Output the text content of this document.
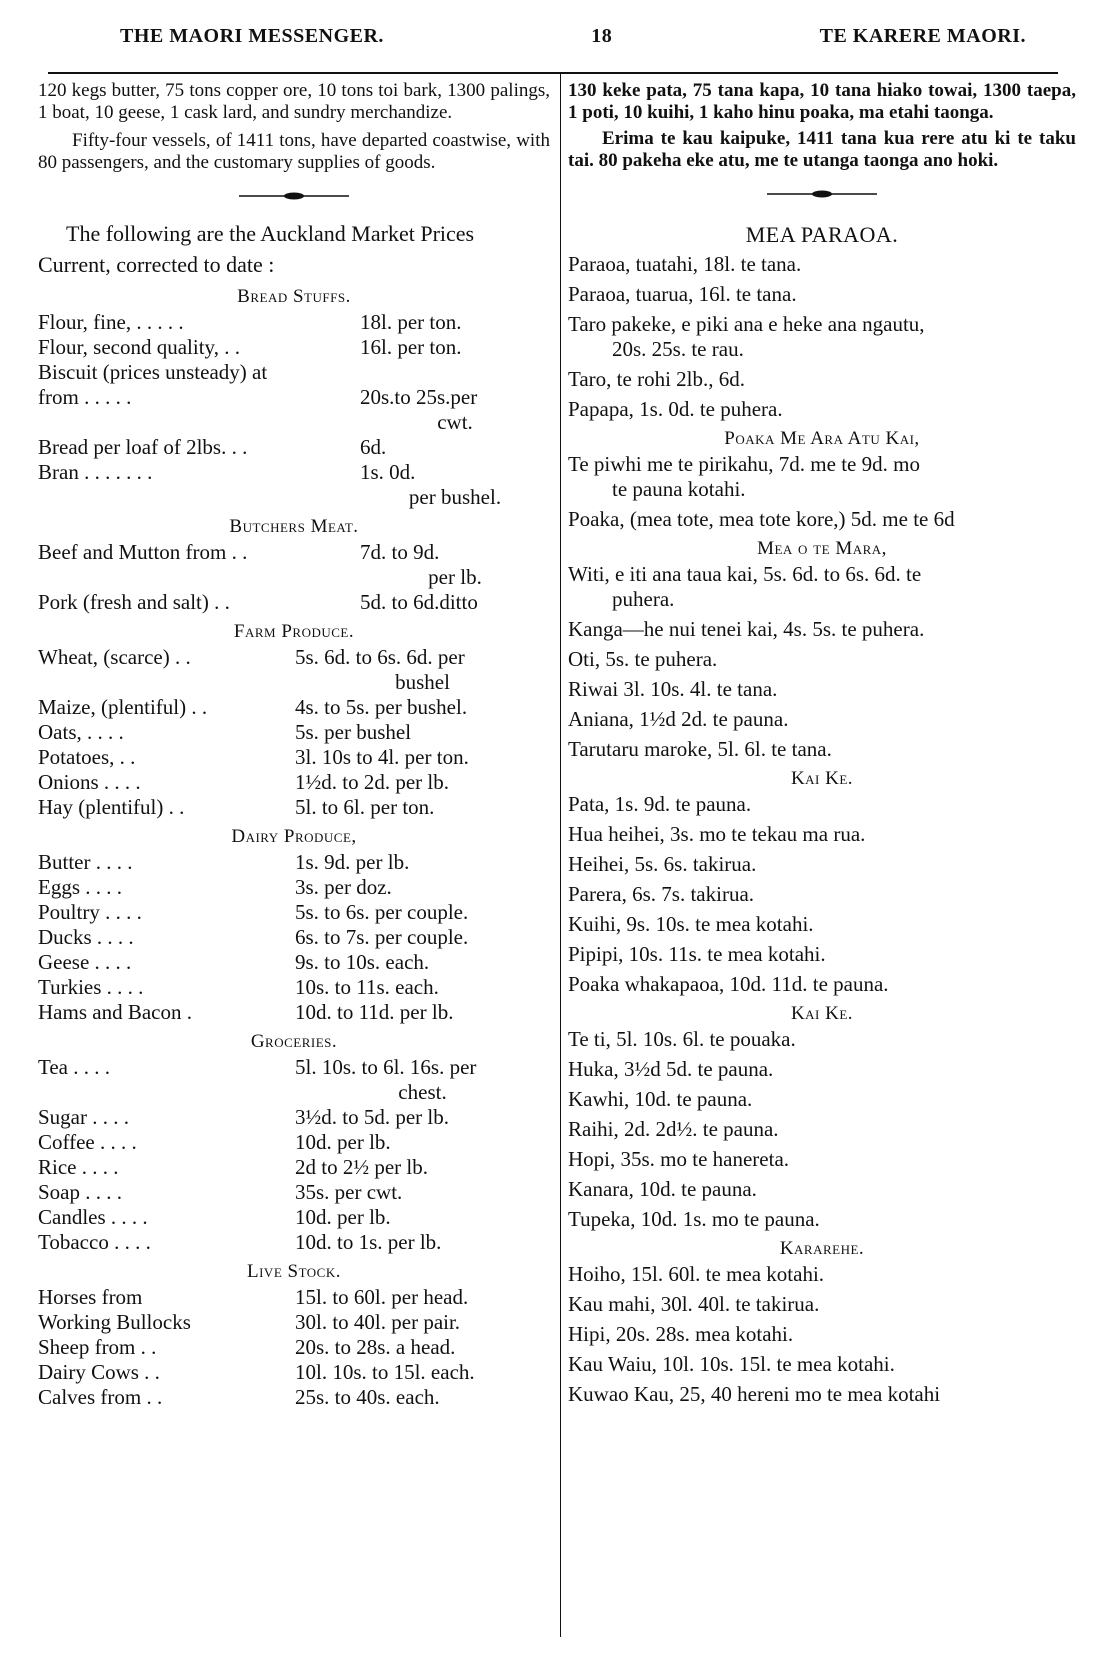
THE MAORI MESSENGER.	18	TE KARERE MAORI.

120 kegs butter, 75 tons copper ore, 10 tons toi bark, 1300 palings, 1 boat, 10 geese, 1 cask lard, and sundry merchandize.

Fifty-four vessels, of 1411 tons, have departed coastwise, with 80 passengers, and the customary supplies of goods.

The following are the Auckland Market Prices Current, corrected to date :

Bread Stuffs.
Flour, fine, . . . . .	18l. per ton.
Flour, second quality, . .	16l. per ton.
Biscuit (prices unsteady) at
from . . . . .	20s.to 25s.per
cwt.
Bread per loaf of 2lbs. . .	6d.
Bran . . . . . . .	1s. 0d.
per bushel.
Butchers Meat.
Beef and Mutton from . .	7d. to 9d.
per lb.
Pork (fresh and salt) . .	5d. to 6d.ditto
Farm Produce.
Wheat, (scarce) . .	5s. 6d. to 6s. 6d. per
bushel
Maize, (plentiful) . .	4s. to 5s. per bushel.
Oats, . . . .	5s. per bushel
Potatoes, . .	3l. 10s to 4l. per ton.
Onions . . . .	1½d. to 2d. per lb.
Hay (plentiful) . .	5l. to 6l. per ton.
Dairy Produce,
Butter . . . .	1s. 9d. per lb.
Eggs . . . .	3s. per doz.
Poultry . . . .	5s. to 6s. per couple.
Ducks . . . .	6s. to 7s. per couple.
Geese . . . .	9s. to 10s. each.
Turkies . . . .	10s. to 11s. each.
Hams and Bacon .	10d. to 11d. per lb.
Groceries.
Tea . . . .	5l. 10s. to 6l. 16s. per
chest.
Sugar . . . .	3½d. to 5d. per lb.
Coffee . . . .	10d. per lb.
Rice . . . .	2d to 2½ per lb.
Soap . . . .	35s. per cwt.
Candles . . . .	10d. per lb.
Tobacco . . . .	10d. to 1s. per lb.
Live Stock.
Horses from	15l. to 60l. per head.
Working Bullocks	30l. to 40l. per pair.
Sheep from . .	20s. to 28s. a head.
Dairy Cows . .	10l. 10s. to 15l. each.
Calves from . .	25s. to 40s. each.

130 keke pata, 75 tana kapa, 10 tana hiako towai, 1300 taepa, 1 poti, 10 kuihi, 1 kaho hinu poaka, ma etahi taonga.

Erima te kau kaipuke, 1411 tana kua rere atu ki te taku tai. 80 pakeha eke atu, me te utanga taonga ano hoki.

MEA PARAOA.
Paraoa, tuatahi, 18l. te tana.
Paraoa, tuarua, 16l. te tana.
Taro pakeke, e piki ana e heke ana ngautu,
20s. 25s. te rau.
Taro, te rohi 2lb., 6d.
Papapa, 1s. 0d. te puhera.
Poaka Me Ara Atu Kai,
Te piwhi me te pirikahu, 7d. me te 9d. mo
te pauna kotahi.
Poaka, (mea tote, mea tote kore,) 5d. me te 6d
Mea o te Mara,
Witi, e iti ana taua kai, 5s. 6d. to 6s. 6d. te
puhera.
Kanga—he nui tenei kai, 4s. 5s. te puhera.
Oti, 5s. te puhera.
Riwai 3l. 10s. 4l. te tana.
Aniana, 1½d 2d. te pauna.
Tarutaru maroke, 5l. 6l. te tana.
Kai Ke.
Pata, 1s. 9d. te pauna.
Hua heihei, 3s. mo te tekau ma rua.
Heihei, 5s. 6s. takirua.
Parera, 6s. 7s. takirua.
Kuihi, 9s. 10s. te mea kotahi.
Pipipi, 10s. 11s. te mea kotahi.
Poaka whakapaoa, 10d. 11d. te pauna.
Kai Ke.
Te ti, 5l. 10s. 6l. te pouaka.
Huka, 3½d 5d. te pauna.
Kawhi, 10d. te pauna.
Raihi, 2d. 2d½. te pauna.
Hopi, 35s. mo te hanereta.
Kanara, 10d. te pauna.
Tupeka, 10d. 1s. mo te pauna.
Kararehe.
Hoiho, 15l. 60l. te mea kotahi.
Kau mahi, 30l. 40l. te takirua.
Hipi, 20s. 28s. mea kotahi.
Kau Waiu, 10l. 10s. 15l. te mea kotahi.
Kuwao Kau, 25, 40 hereni mo te mea kotahi
